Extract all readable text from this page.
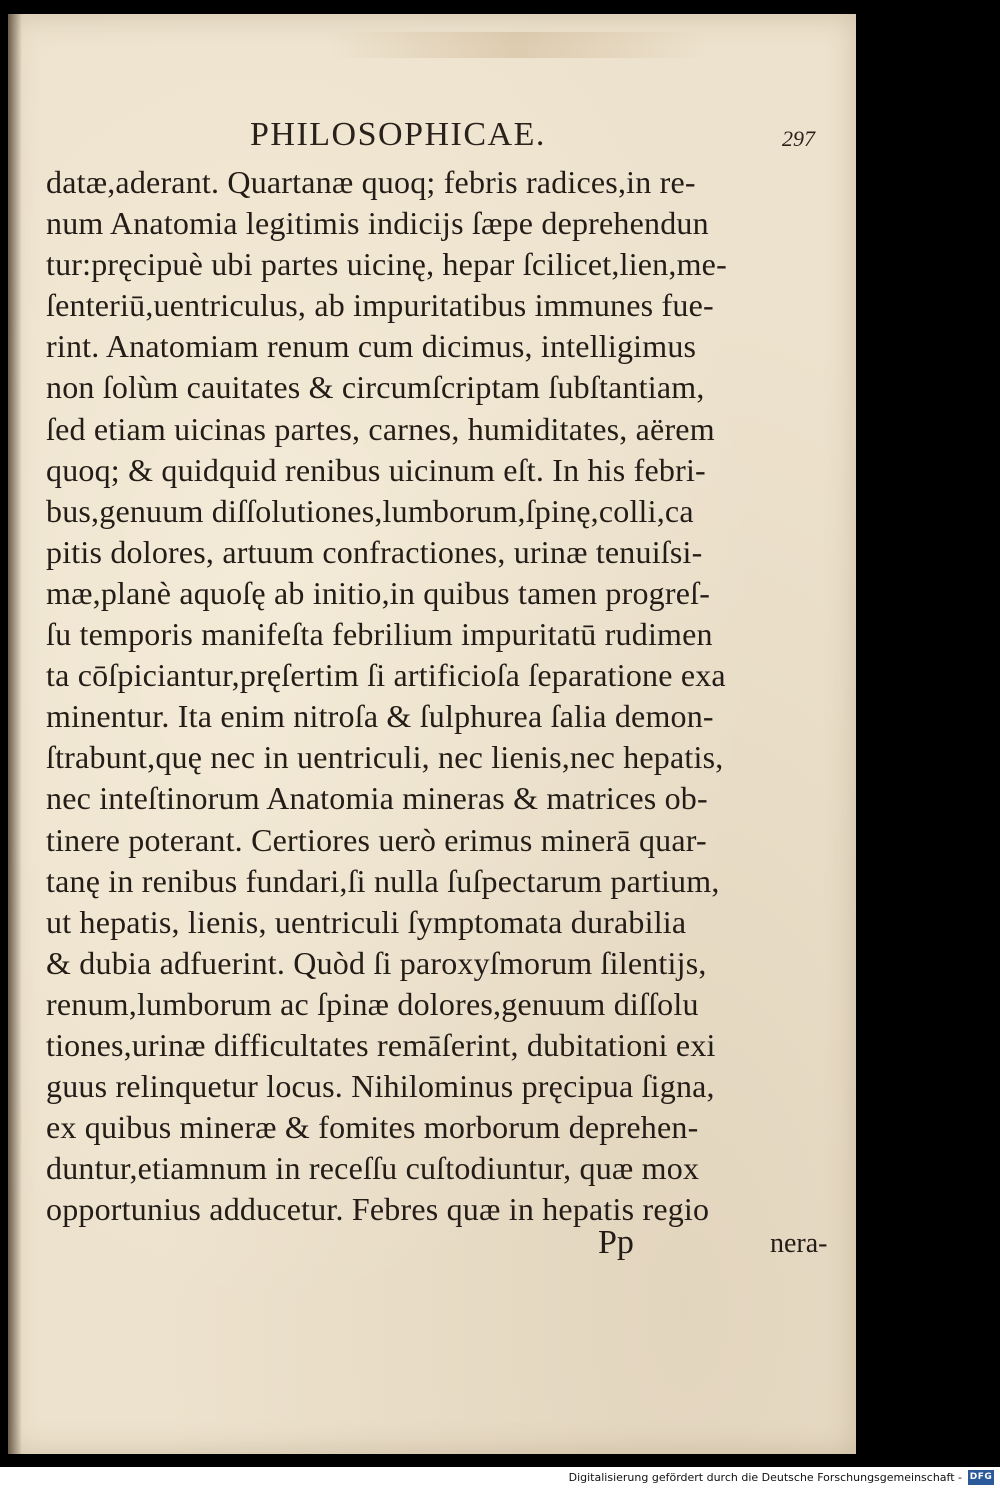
PHILOSOPHICAE.	297
datæ,aderant. Quartanæ quoq; febris radices,in re-
num Anatomia legitimis indicijs ſæpe deprehendun
tur:pręcipuè ubi partes uicinę, hepar ſcilicet,lien,me-
ſenteriū,uentriculus, ab impuritatibus immunes fue-
rint. Anatomiam renum cum dicimus, intelligimus
non ſolùm cauitates & circumſcriptam ſubſtantiam,
ſed etiam uicinas partes, carnes, humiditates, aërem
quoq; & quidquid renibus uicinum eſt. In his febri-
bus,genuum diſſolutiones,lumborum,ſpinę,colli,ca
pitis dolores, artuum confractiones, urinæ tenuiſsi-
mæ,planè aquoſę ab initio,in quibus tamen progreſ-
ſu temporis manifeſta febrilium impuritatū rudimen
ta cōſpiciantur,pręſertim ſi artificioſa ſeparatione exa
minentur. Ita enim nitroſa & ſulphurea ſalia demon-
ſtrabunt,quę nec in uentriculi, nec lienis,nec hepatis,
nec inteſtinorum Anatomia mineras & matrices ob-
tinere poterant. Certiores uerò erimus minerā quar-
tanę in renibus fundari,ſi nulla ſuſpectarum partium,
ut hepatis, lienis, uentriculi ſymptomata durabilia
& dubia adfuerint. Quòd ſi paroxyſmorum ſilentijs,
renum,lumborum ac ſpinæ dolores,genuum diſſolu
tiones,urinæ difficultates remāſerint, dubitationi exi
guus relinquetur locus. Nihilominus pręcipua ſigna,
ex quibus mineræ & fomites morborum deprehen-
duntur,etiamnum in receſſu cuſtodiuntur, quæ mox
opportunius adducetur. Febres quæ in hepatis regio
Pp	nera-
Digitalisierung gefördert durch die Deutsche Forschungsgemeinschaft - DFG
